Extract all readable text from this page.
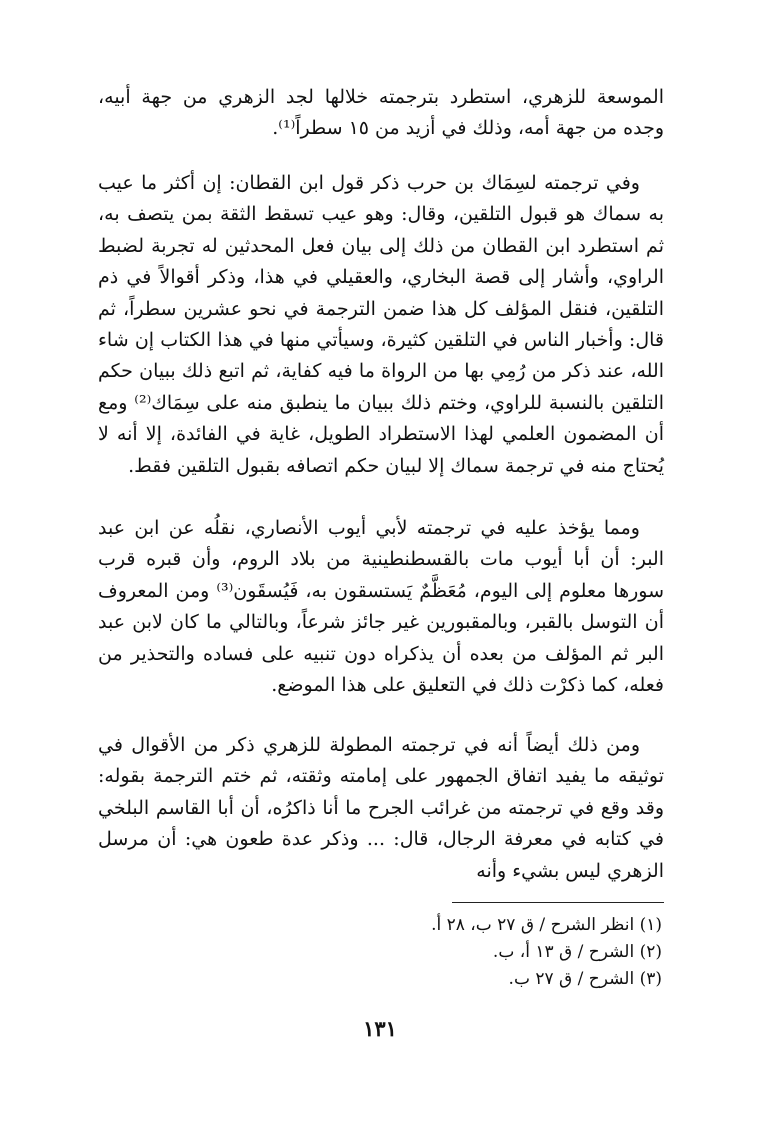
الموسعة للزهري، استطرد بترجمته خلالها لجد الزهري من جهة أبيه، وجده من جهة أمه، وذلك في أزيد من ١٥ سطراً⁽¹⁾.

وفي ترجمته لسِمَاك بن حرب ذكر قول ابن القطان: إن أكثر ما عيب به سماك هو قبول التلقين، وقال: وهو عيب تسقط الثقة بمن يتصف به، ثم استطرد ابن القطان من ذلك إلى بيان فعل المحدثين له تجربة لضبط الراوي، وأشار إلى قصة البخاري، والعقيلي في هذا، وذكر أقوالاً في ذم التلقين، فنقل المؤلف كل هذا ضمن الترجمة في نحو عشرين سطراً، ثم قال: وأخبار الناس في التلقين كثيرة، وسيأتي منها في هذا الكتاب إن شاء الله، عند ذكر من رُمِي بها من الرواة ما فيه كفاية، ثم اتبع ذلك ببيان حكم التلقين بالنسبة للراوي، وختم ذلك ببيان ما ينطبق منه على سِمَاك⁽²⁾ ومع أن المضمون العلمي لهذا الاستطراد الطويل، غاية في الفائدة، إلا أنه لا يُحتاج منه في ترجمة سماك إلا لبيان حكم اتصافه بقبول التلقين فقط.

ومما يؤخذ عليه في ترجمته لأبي أيوب الأنصاري، نقلُه عن ابن عبد البر: أن أبا أيوب مات بالقسطنطينية من بلاد الروم، وأن قبره قرب سورها معلوم إلى اليوم، مُعَظَّمٌ يَستسقون به، فَيُسقَون⁽³⁾ ومن المعروف أن التوسل بالقبر، وبالمقبورين غير جائز شرعاً، وبالتالي ما كان لابن عبد البر ثم المؤلف من بعده أن يذكراه دون تنبيه على فساده والتحذير من فعله، كما ذكرْت ذلك في التعليق على هذا الموضع.

ومن ذلك أيضاً أنه في ترجمته المطولة للزهري ذكر من الأقوال في توثيقه ما يفيد اتفاق الجمهور على إمامته وثقته، ثم ختم الترجمة بقوله: وقد وقع في ترجمته من غرائب الجرح ما أنا ذاكرُه، أن أبا القاسم البلخي في كتابه في معرفة الرجال، قال: ... وذكر عدة طعون هي: أن مرسل الزهري ليس بشيء وأنه

(١) انظر الشرح / ق ٢٧ ب، ٢٨ أ.
(٢) الشرح / ق ١٣ أ، ب.
(٣) الشرح / ق ٢٧ ب.
١٣١
